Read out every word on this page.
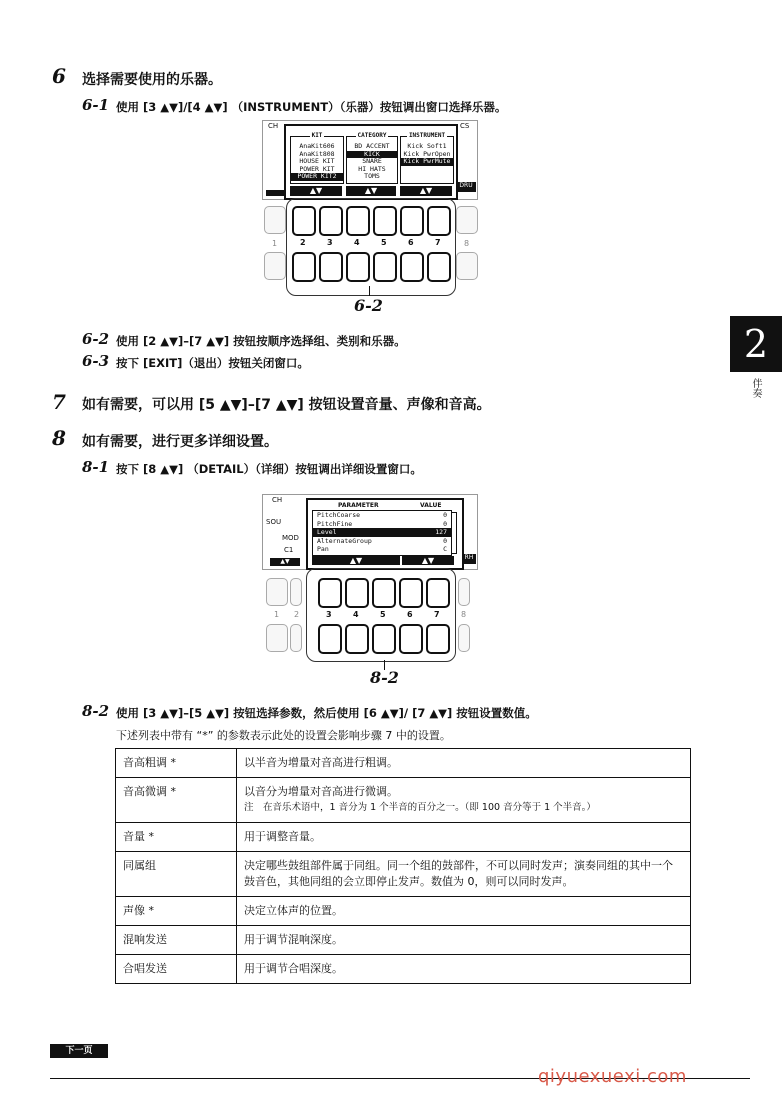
6 选择需要使用的乐器。
6-1 使用 [3 ▲▼]/[4 ▲▼] （INSTRUMENT）（乐器）按钮调出窗口选择乐器。
CH	CS
DRU
KIT
AnaKit606
AnaKit808
HOUSE KIT
POWER KIT
POWER KIT2
CATEGORY
BD ACCENT
KICK
SNARE
HI HATS
TOMS
INSTRUMENT
Kick Soft1
Kick PwrOpen
Kick PwrMute
▲▼	▲▼	▲▼
1	8
2	3	4	5	6	7
6-2
6-2 使用 [2 ▲▼]–[7 ▲▼] 按钮按顺序选择组、类别和乐器。
6-3 按下 [EXIT]（退出）按钮关闭窗口。
7 如有需要，可以用 [5 ▲▼]–[7 ▲▼] 按钮设置音量、声像和音高。
8 如有需要，进行更多详细设置。
8-1 按下 [8 ▲▼] （DETAIL）（详细）按钮调出详细设置窗口。
CH
SOU
MOD
C1
RH
▲▼
PARAMETER	VALUE
PitchCoarse	0
PitchFine	0
Level	127
AlternateGroup	0
Pan	C
▲▼	▲▼
1 2	8
3	4	5	6	7
8-2
8-2 使用 [3 ▲▼]–[5 ▲▼] 按钮选择参数，然后使用 [6 ▲▼]/ [7 ▲▼] 按钮设置数值。
下述列表中带有 “*” 的参数表示此处的设置会影响步骤 7 中的设置。
音高粗调 *	以半音为增量对音高进行粗调。
音高微调 *	以音分为增量对音高进行微调。
注　在音乐术语中，1 音分为 1 个半音的百分之一。（即 100 音分等于 1 个半音。）

音量 *	用于调整音量。
同属组	决定哪些鼓组部件属于同组。同一个组的鼓部件，不可以同时发声；演奏同组的其中一个鼓音色，其他同组的会立即停止发声。数值为 0，则可以同时发声。
声像 *	决定立体声的位置。
混响发送	用于调节混响深度。
合唱发送	用于调节合唱深度。
2
伴奏
下一页
qiyuexuexi.com
